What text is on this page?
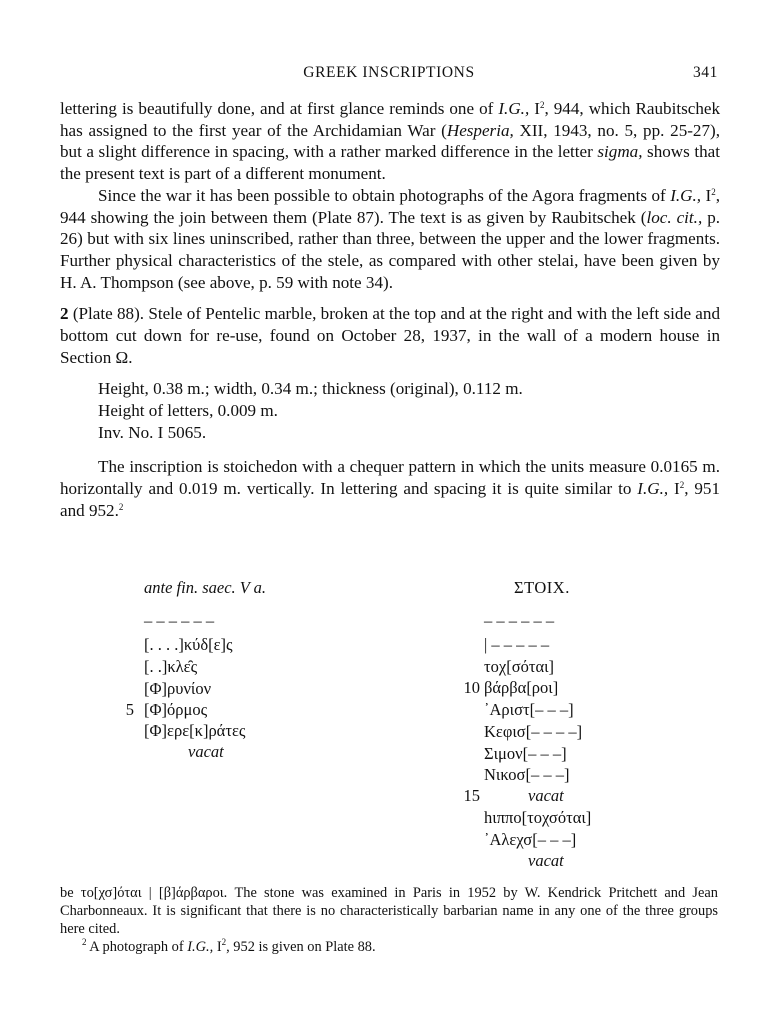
GREEK INSCRIPTIONS	341

lettering is beautifully done, and at first glance reminds one of I.G., $I^2$, 944, which Raubitschek has assigned to the first year of the Archidamian War (Hesperia, XII, 1943, no. 5, pp. 25-27), but a slight difference in spacing, with a rather marked difference in the letter sigma, shows that the present text is part of a different monument.

Since the war it has been possible to obtain photographs of the Agora fragments of I.G., $I^2$, 944 showing the join between them (Plate 87). The text is as given by Raubitschek (loc. cit., p. 26) but with six lines uninscribed, rather than three, between the upper and the lower fragments. Further physical characteristics of the stele, as compared with other stelai, have been given by H. A. Thompson (see above, p. 59 with note 34).

2 (Plate 88). Stele of Pentelic marble, broken at the top and at the right and with the left side and bottom cut down for re-use, found on October 28, 1937, in the wall of a modern house in Section Ω.

Height, 0.38 m.; width, 0.34 m.; thickness (original), 0.112 m.
Height of letters, 0.009 m.
Inv. No. I 5065.

The inscription is stoichedon with a chequer pattern in which the units measure 0.0165 m. horizontally and 0.019 m. vertically. In lettering and spacing it is quite similar to I.G., $I^2$, 951 and 952.$^2$

ante fin. saec. V a.
– – – – – –
[. . . .]κύδ[ε]ς
[. .]κλε̑ς
[Φ]ρυνίον
5 [Φ]όρμος
[Φ]ερε[κ]ράτες
vacat
ΣΤΟΙΧ.
– – – – – –
| – – – – –
τοχ[σόται]
10 βάρβα[ροι]
᾿Αριστ[– – –]
Κεφισ[– – – –]
Σιμον[– – –]
Νικοσ[– – –]
15	vacat
hιππο[τοχσόται]
᾿Αλεχσ[– – –]
vacat

be το[χσ]όται | [β]άρβαροι. The stone was examined in Paris in 1952 by W. Kendrick Pritchett and Jean Charbonneaux. It is significant that there is no characteristically barbarian name in any one of the three groups here cited.

$^2$ A photograph of I.G., $I^2$, 952 is given on Plate 88.
